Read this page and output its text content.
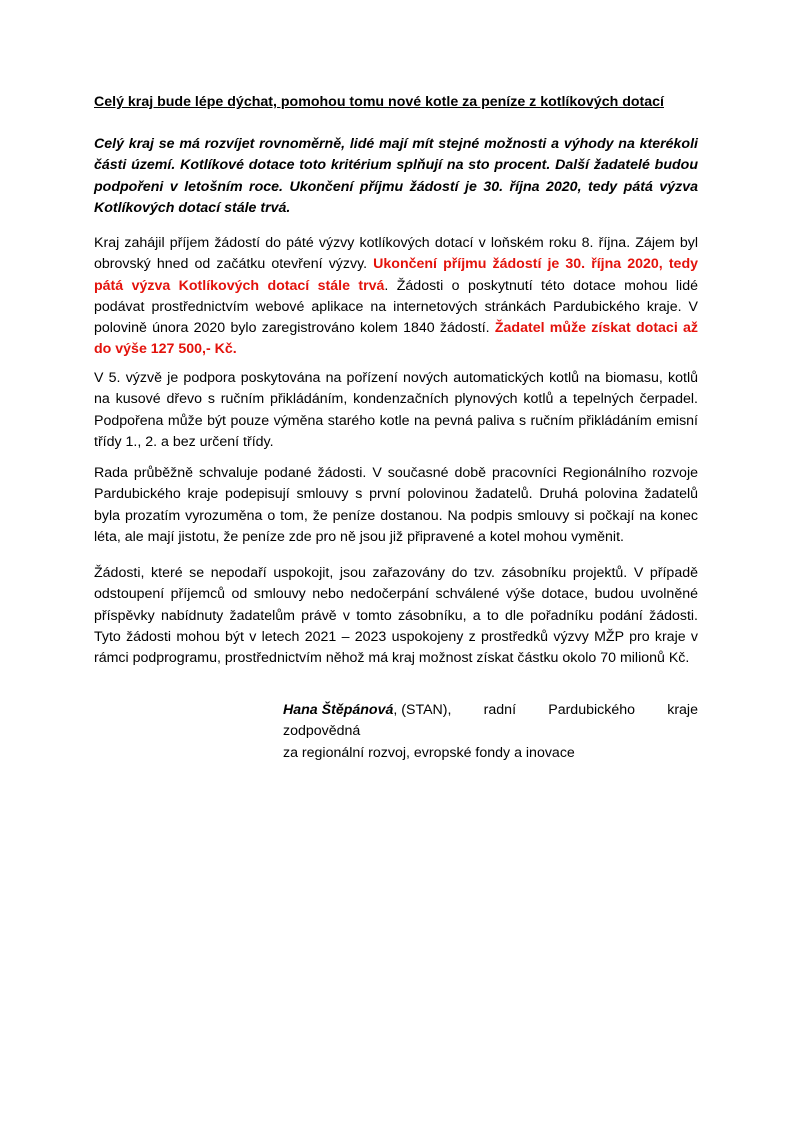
Celý kraj bude lépe dýchat, pomohou tomu nové kotle za peníze z kotlíkových dotací

Celý kraj se má rozvíjet rovnoměrně, lidé mají mít stejné možnosti a výhody na kterékoli části území. Kotlíkové dotace toto kritérium splňují na sto procent. Další žadatelé budou podpořeni v letošním roce. Ukončení příjmu žádostí je 30. října 2020, tedy pátá výzva Kotlíkových dotací stále trvá.

Kraj zahájil příjem žádostí do páté výzvy kotlíkových dotací v loňském roku 8. října. Zájem byl obrovský hned od začátku otevření výzvy. Ukončení příjmu žádostí je 30. října 2020, tedy pátá výzva Kotlíkových dotací stále trvá. Žádosti o poskytnutí této dotace mohou lidé podávat prostřednictvím webové aplikace na internetových stránkách Pardubického kraje. V polovině února 2020 bylo zaregistrováno kolem 1840 žádostí. Žadatel může získat dotaci až do výše 127 500,- Kč.

V 5. výzvě je podpora poskytována na pořízení nových automatických kotlů na biomasu, kotlů na kusové dřevo s ručním přikládáním, kondenzačních plynových kotlů a tepelných čerpadel. Podpořena může být pouze výměna starého kotle na pevná paliva s ručním přikládáním emisní třídy 1., 2. a bez určení třídy.

Rada průběžně schvaluje podané žádosti. V současné době pracovníci Regionálního rozvoje Pardubického kraje podepisují smlouvy s první polovinou žadatelů. Druhá polovina žadatelů byla prozatím vyrozuměna o tom, že peníze dostanou. Na podpis smlouvy si počkají na konec léta, ale mají jistotu, že peníze zde pro ně jsou již připravené a kotel mohou vyměnit.

Žádosti, které se nepodaří uspokojit, jsou zařazovány do tzv. zásobníku projektů. V případě odstoupení příjemců od smlouvy nebo nedočerpání schválené výše dotace, budou uvolněné příspěvky nabídnuty žadatelům právě v tomto zásobníku, a to dle pořadníku podání žádosti. Tyto žádosti mohou být v letech 2021 – 2023 uspokojeny z prostředků výzvy MŽP pro kraje v rámci podprogramu, prostřednictvím něhož má kraj možnost získat částku okolo 70 milionů Kč.

Hana Štěpánová, (STAN), radní Pardubického kraje
zodpovědná
za regionální rozvoj, evropské fondy a inovace
